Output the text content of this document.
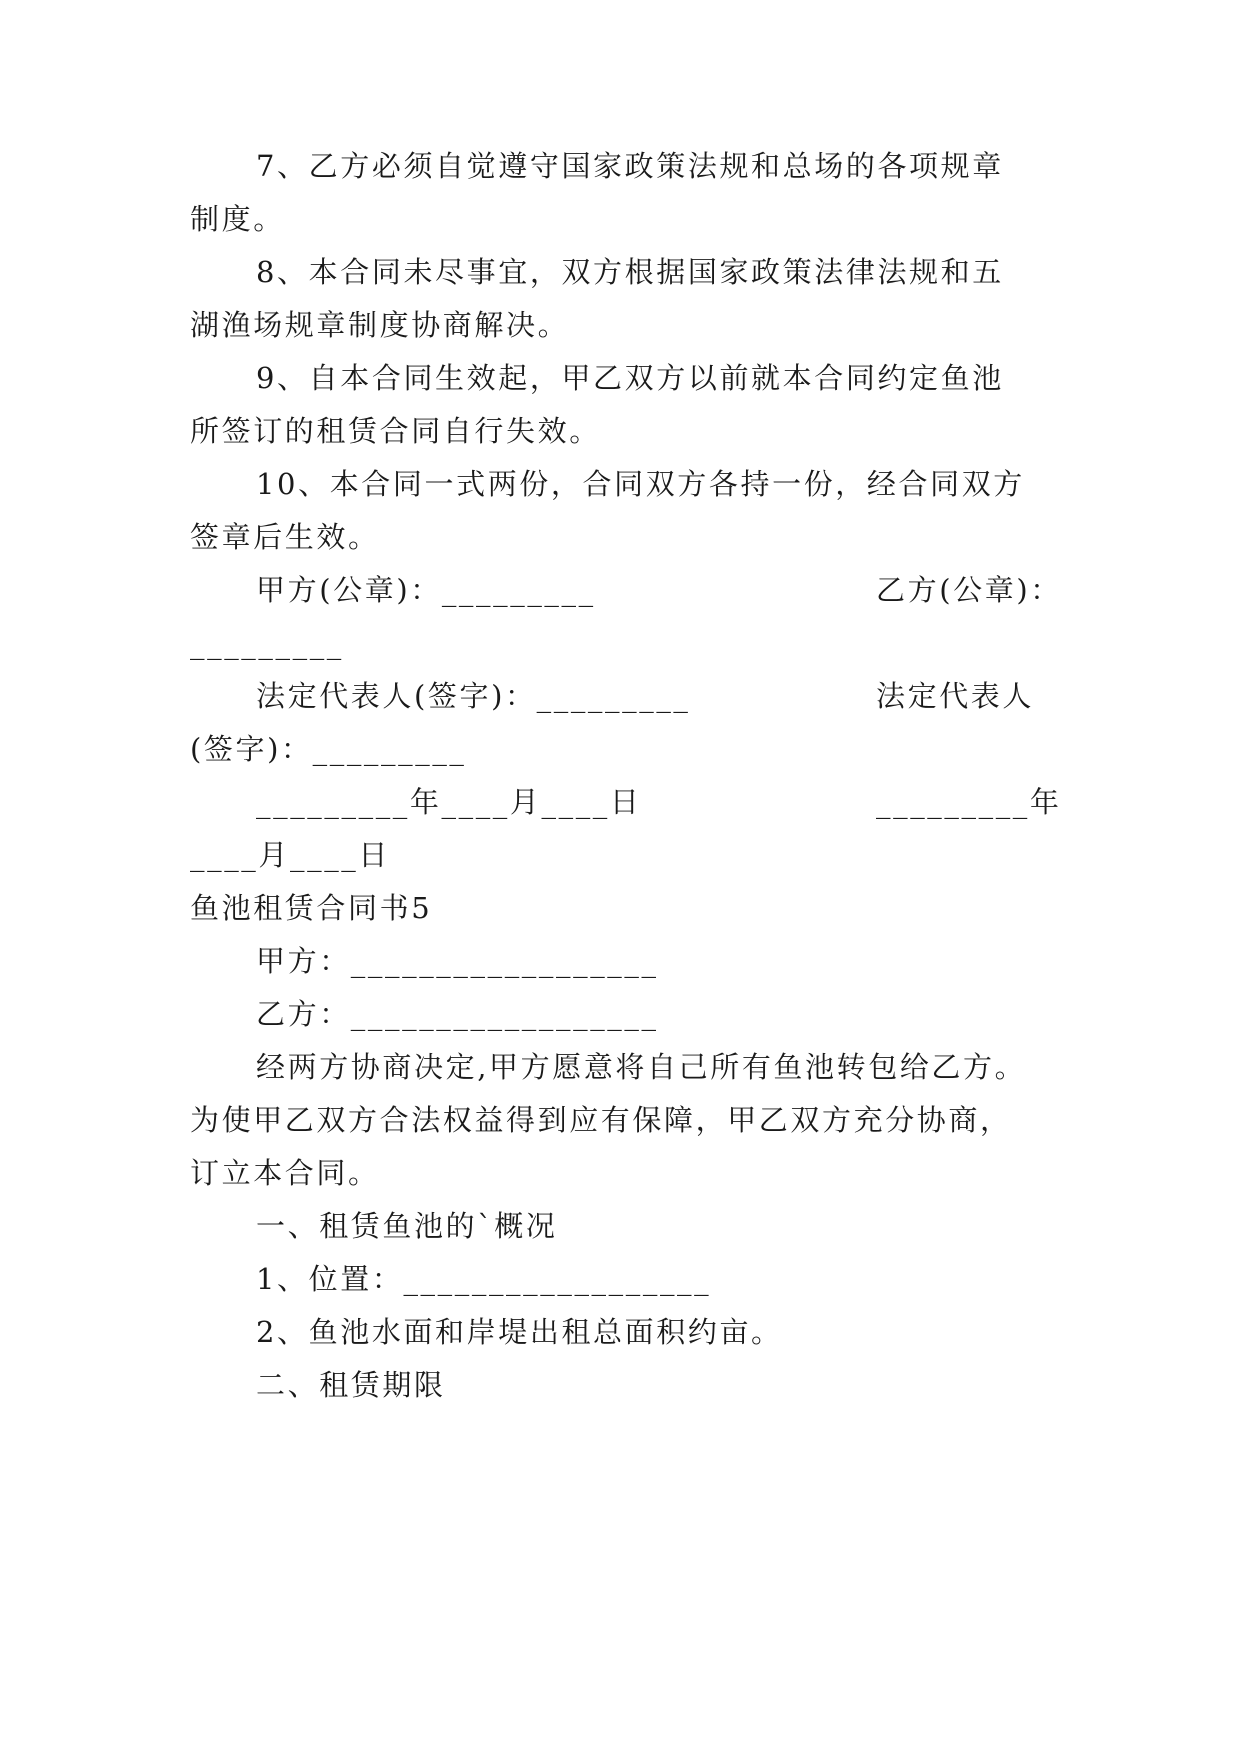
7、乙方必须自觉遵守国家政策法规和总场的各项规章
制度。
8、本合同未尽事宜，双方根据国家政策法律法规和五
湖渔场规章制度协商解决。
9、自本合同生效起，甲乙双方以前就本合同约定鱼池
所签订的租赁合同自行失效。
10、本合同一式两份，合同双方各持一份，经合同双方
签章后生效。
甲方(公章)：_________	乙方(公章)：
_________
法定代表人(签字)：_________	法定代表人
(签字)：_________
_________年____月____日	_________年
____月____日
鱼池租赁合同书5
甲方：__________________
乙方：__________________
经两方协商决定,甲方愿意将自己所有鱼池转包给乙方。
为使甲乙双方合法权益得到应有保障，甲乙双方充分协商，
订立本合同。
一、租赁鱼池的`概况
1、位置：__________________
2、鱼池水面和岸堤出租总面积约亩。
二、租赁期限
